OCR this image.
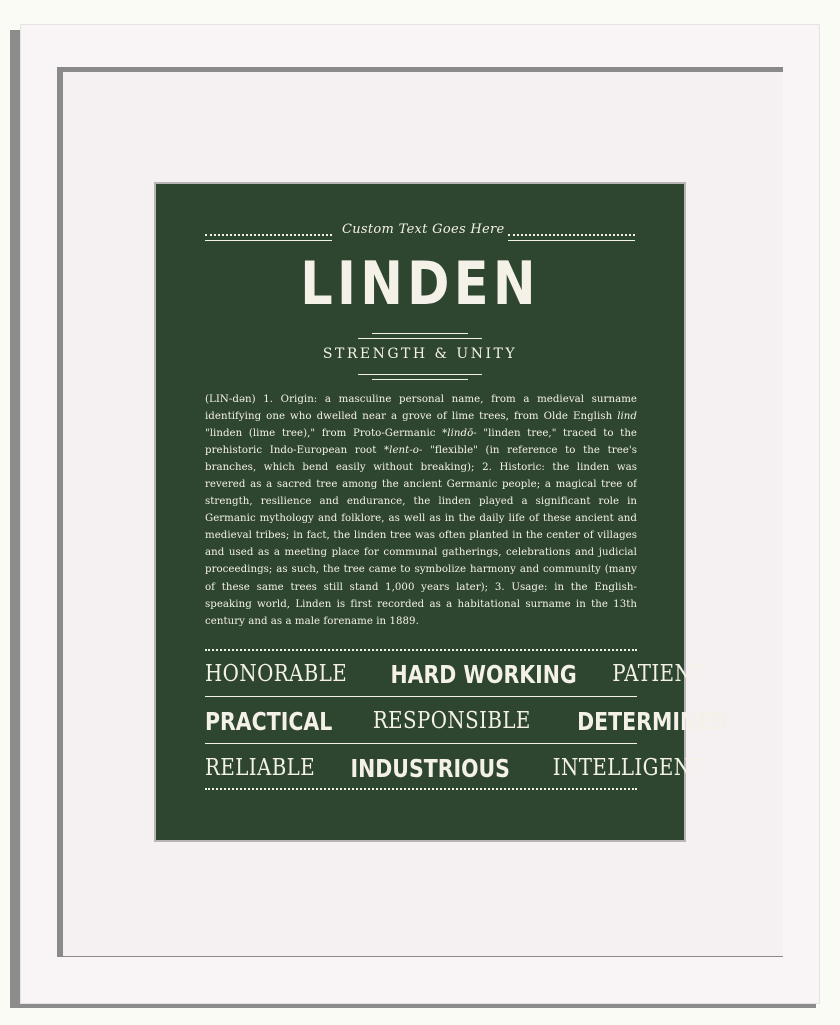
Custom Text Goes Here
LINDEN
STRENGTH & UNITY
(LIN-dən) 1. Origin: a masculine personal name, from a medieval surname identifying one who dwelled near a grove of lime trees, from Olde English lind "linden (lime tree)," from Proto-Germanic *lindō- "linden tree," traced to the prehistoric Indo-European root *lent-o- "flexible" (in reference to the tree's branches, which bend easily without breaking); 2. Historic: the linden was revered as a sacred tree among the ancient Germanic people; a magical tree of strength, resilience and endurance, the linden played a significant role in Germanic mythology and folklore, as well as in the daily life of these ancient and medieval tribes; in fact, the linden tree was often planted in the center of villages and used as a meeting place for communal gatherings, celebrations and judicial proceedings; as such, the tree came to symbolize harmony and community (many of these same trees still stand 1,000 years later); 3. Usage: in the English-speaking world, Linden is first recorded as a habitational surname in the 13th century and as a male forename in 1889.
HONORABLE HARD WORKING PATIENT
PRACTICAL RESPONSIBLE DETERMINED
RELIABLE INDUSTRIOUS INTELLIGENT
